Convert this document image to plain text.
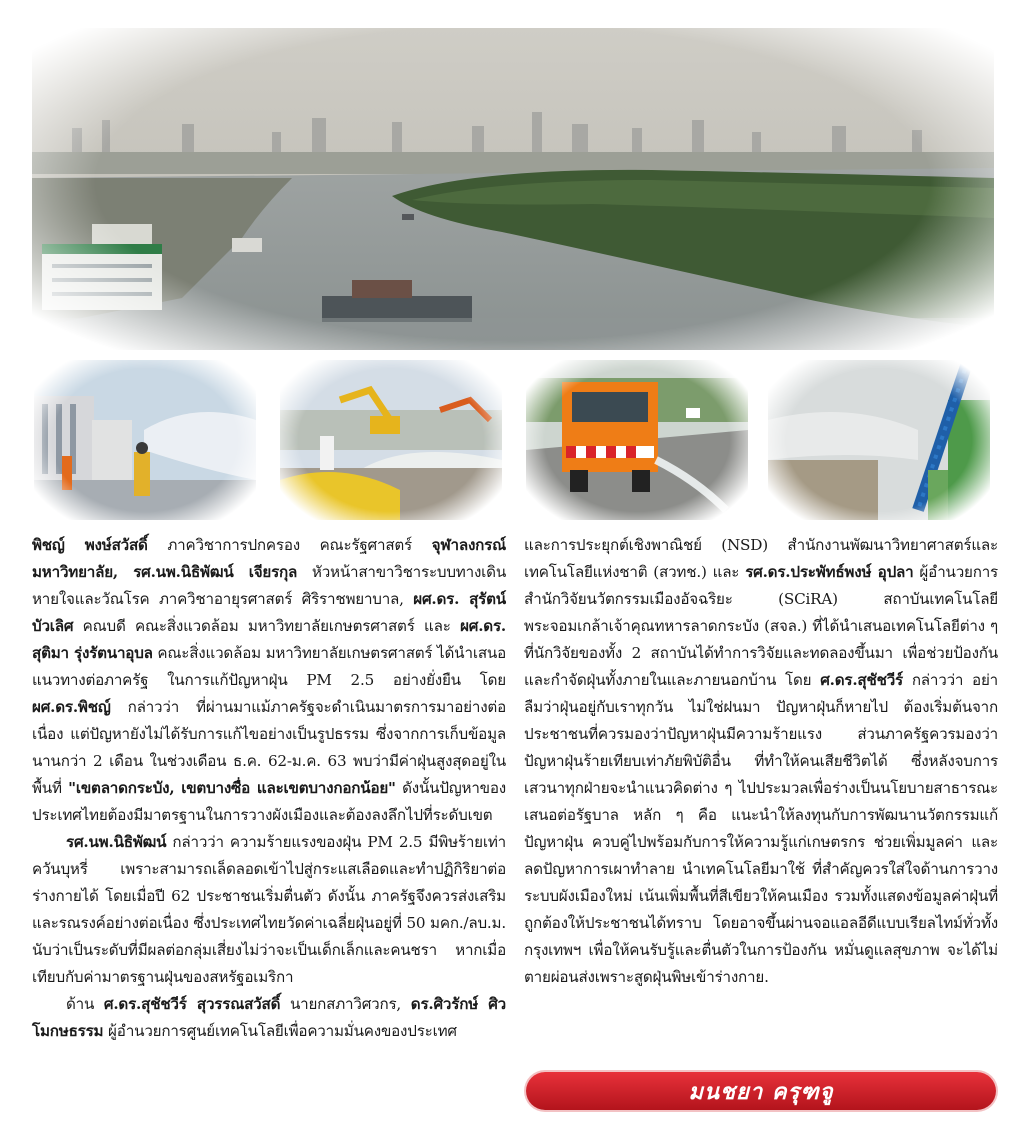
พิชญ์ พงษ์สวัสดิ์ ภาควิชาการปกครอง คณะรัฐศาสตร์ จุฬาลงกรณ์มหาวิทยาลัย, รศ.นพ.นิธิพัฒน์ เจียรกุล หัวหน้าสาขาวิชาระบบทางเดินหายใจและวัณโรค ภาควิชาอายุรศาสตร์ ศิริราชพยาบาล, ผศ.ดร. สุรัตน์ บัวเลิศ คณบดี คณะสิ่งแวดล้อม มหาวิทยาลัยเกษตรศาสตร์ และ ผศ.ดร. สุติมา รุ่งรัตนาอุบล คณะสิ่งแวดล้อม มหาวิทยาลัยเกษตรศาสตร์ ได้นำเสนอแนวทางต่อภาครัฐ ในการแก้ปัญหาฝุ่น PM 2.5 อย่างยั่งยืน โดย ผศ.ดร.พิชญ์ กล่าวว่า ที่ผ่านมาแม้ภาครัฐจะดำเนินมาตรการมาอย่างต่อเนื่อง แต่ปัญหายังไม่ได้รับการแก้ไขอย่างเป็นรูปธรรม ซึ่งจากการเก็บข้อมูลนานกว่า 2 เดือน ในช่วงเดือน ธ.ค. 62-ม.ค. 63 พบว่ามีค่าฝุ่นสูงสุดอยู่ในพื้นที่ "เขตลาดกระบัง, เขตบางซื่อ และเขตบางกอกน้อย" ดังนั้นปัญหาของประเทศไทยต้องมีมาตรฐานในการวางผังเมืองและต้องลงลึกไปที่ระดับเขต

รศ.นพ.นิธิพัฒน์ กล่าวว่า ความร้ายแรงของฝุ่น PM 2.5 มีพิษร้ายเท่าควันบุหรี่ เพราะสามารถเล็ดลอดเข้าไปสู่กระแสเลือดและทำปฏิกิริยาต่อร่างกายได้ โดยเมื่อปี 62 ประชาชนเริ่มตื่นตัว ดังนั้น ภาครัฐจึงควรส่งเสริมและรณรงค์อย่างต่อเนื่อง ซึ่งประเทศไทยวัดค่าเฉลี่ยฝุ่นอยู่ที่ 50 มคก./ลบ.ม. นับว่าเป็นระดับที่มีผลต่อกลุ่มเสี่ยงไม่ว่าจะเป็นเด็กเล็กและคนชรา หากเมื่อเทียบกับค่ามาตรฐานฝุ่นของสหรัฐอเมริกา

ด้าน ศ.ดร.สุชัชวีร์ สุวรรณสวัสดิ์ นายกสภาวิศวกร, ดร.ศิวรักษ์ ศิวโมกษธรรม ผู้อำนวยการศูนย์เทคโนโลยีเพื่อความมั่นคงของประเทศ

และการประยุกต์เชิงพาณิชย์ (NSD) สำนักงานพัฒนาวิทยาศาสตร์และเทคโนโลยีแห่งชาติ (สวทช.) และ รศ.ดร.ประพัทธ์พงษ์ อุปลา ผู้อำนวยการสำนักวิจัยนวัตกรรมเมืองอัจฉริยะ (SCiRA) สถาบันเทคโนโลยีพระจอมเกล้าเจ้าคุณทหารลาดกระบัง (สจล.) ที่ได้นำเสนอเทคโนโลยีต่าง ๆ ที่นักวิจัยของทั้ง 2 สถาบันได้ทำการวิจัยและทดลองขึ้นมา เพื่อช่วยป้องกันและกำจัดฝุ่นทั้งภายในและภายนอกบ้าน โดย ศ.ดร.สุชัชวีร์ กล่าวว่า อย่าลืมว่าฝุ่นอยู่กับเราทุกวัน ไม่ใช่ฝนมา ปัญหาฝุ่นก็หายไป ต้องเริ่มต้นจากประชาชนที่ควรมองว่าปัญหาฝุ่นมีความร้ายแรง ส่วนภาครัฐควรมองว่าปัญหาฝุ่นร้ายเทียบเท่าภัยพิบัติอื่น ที่ทำให้คนเสียชีวิตได้ ซึ่งหลังจบการเสวนาทุกฝ่ายจะนำแนวคิดต่าง ๆ ไปประมวลเพื่อร่างเป็นนโยบายสาธารณะเสนอต่อรัฐบาล หลัก ๆ คือ แนะนำให้ลงทุนกับการพัฒนานวัตกรรมแก้ปัญหาฝุ่น ควบคู่ไปพร้อมกับการให้ความรู้แก่เกษตรกร ช่วยเพิ่มมูลค่า และลดปัญหาการเผาทำลาย นำเทคโนโลยีมาใช้ ที่สำคัญควรใส่ใจด้านการวางระบบผังเมืองใหม่ เน้นเพิ่มพื้นที่สีเขียวให้คนเมือง รวมทั้งแสดงข้อมูลค่าฝุ่นที่ถูกต้องให้ประชาชนได้ทราบ โดยอาจขึ้นผ่านจอแอลอีดีแบบเรียลไทม์ทั่วทั้งกรุงเทพฯ เพื่อให้คนรับรู้และตื่นตัวในการป้องกัน หมั่นดูแลสุขภาพ จะได้ไม่ตายผ่อนส่งเพราะสูดฝุ่นพิษเข้าร่างกาย.

มนชยา ครุฑจู
